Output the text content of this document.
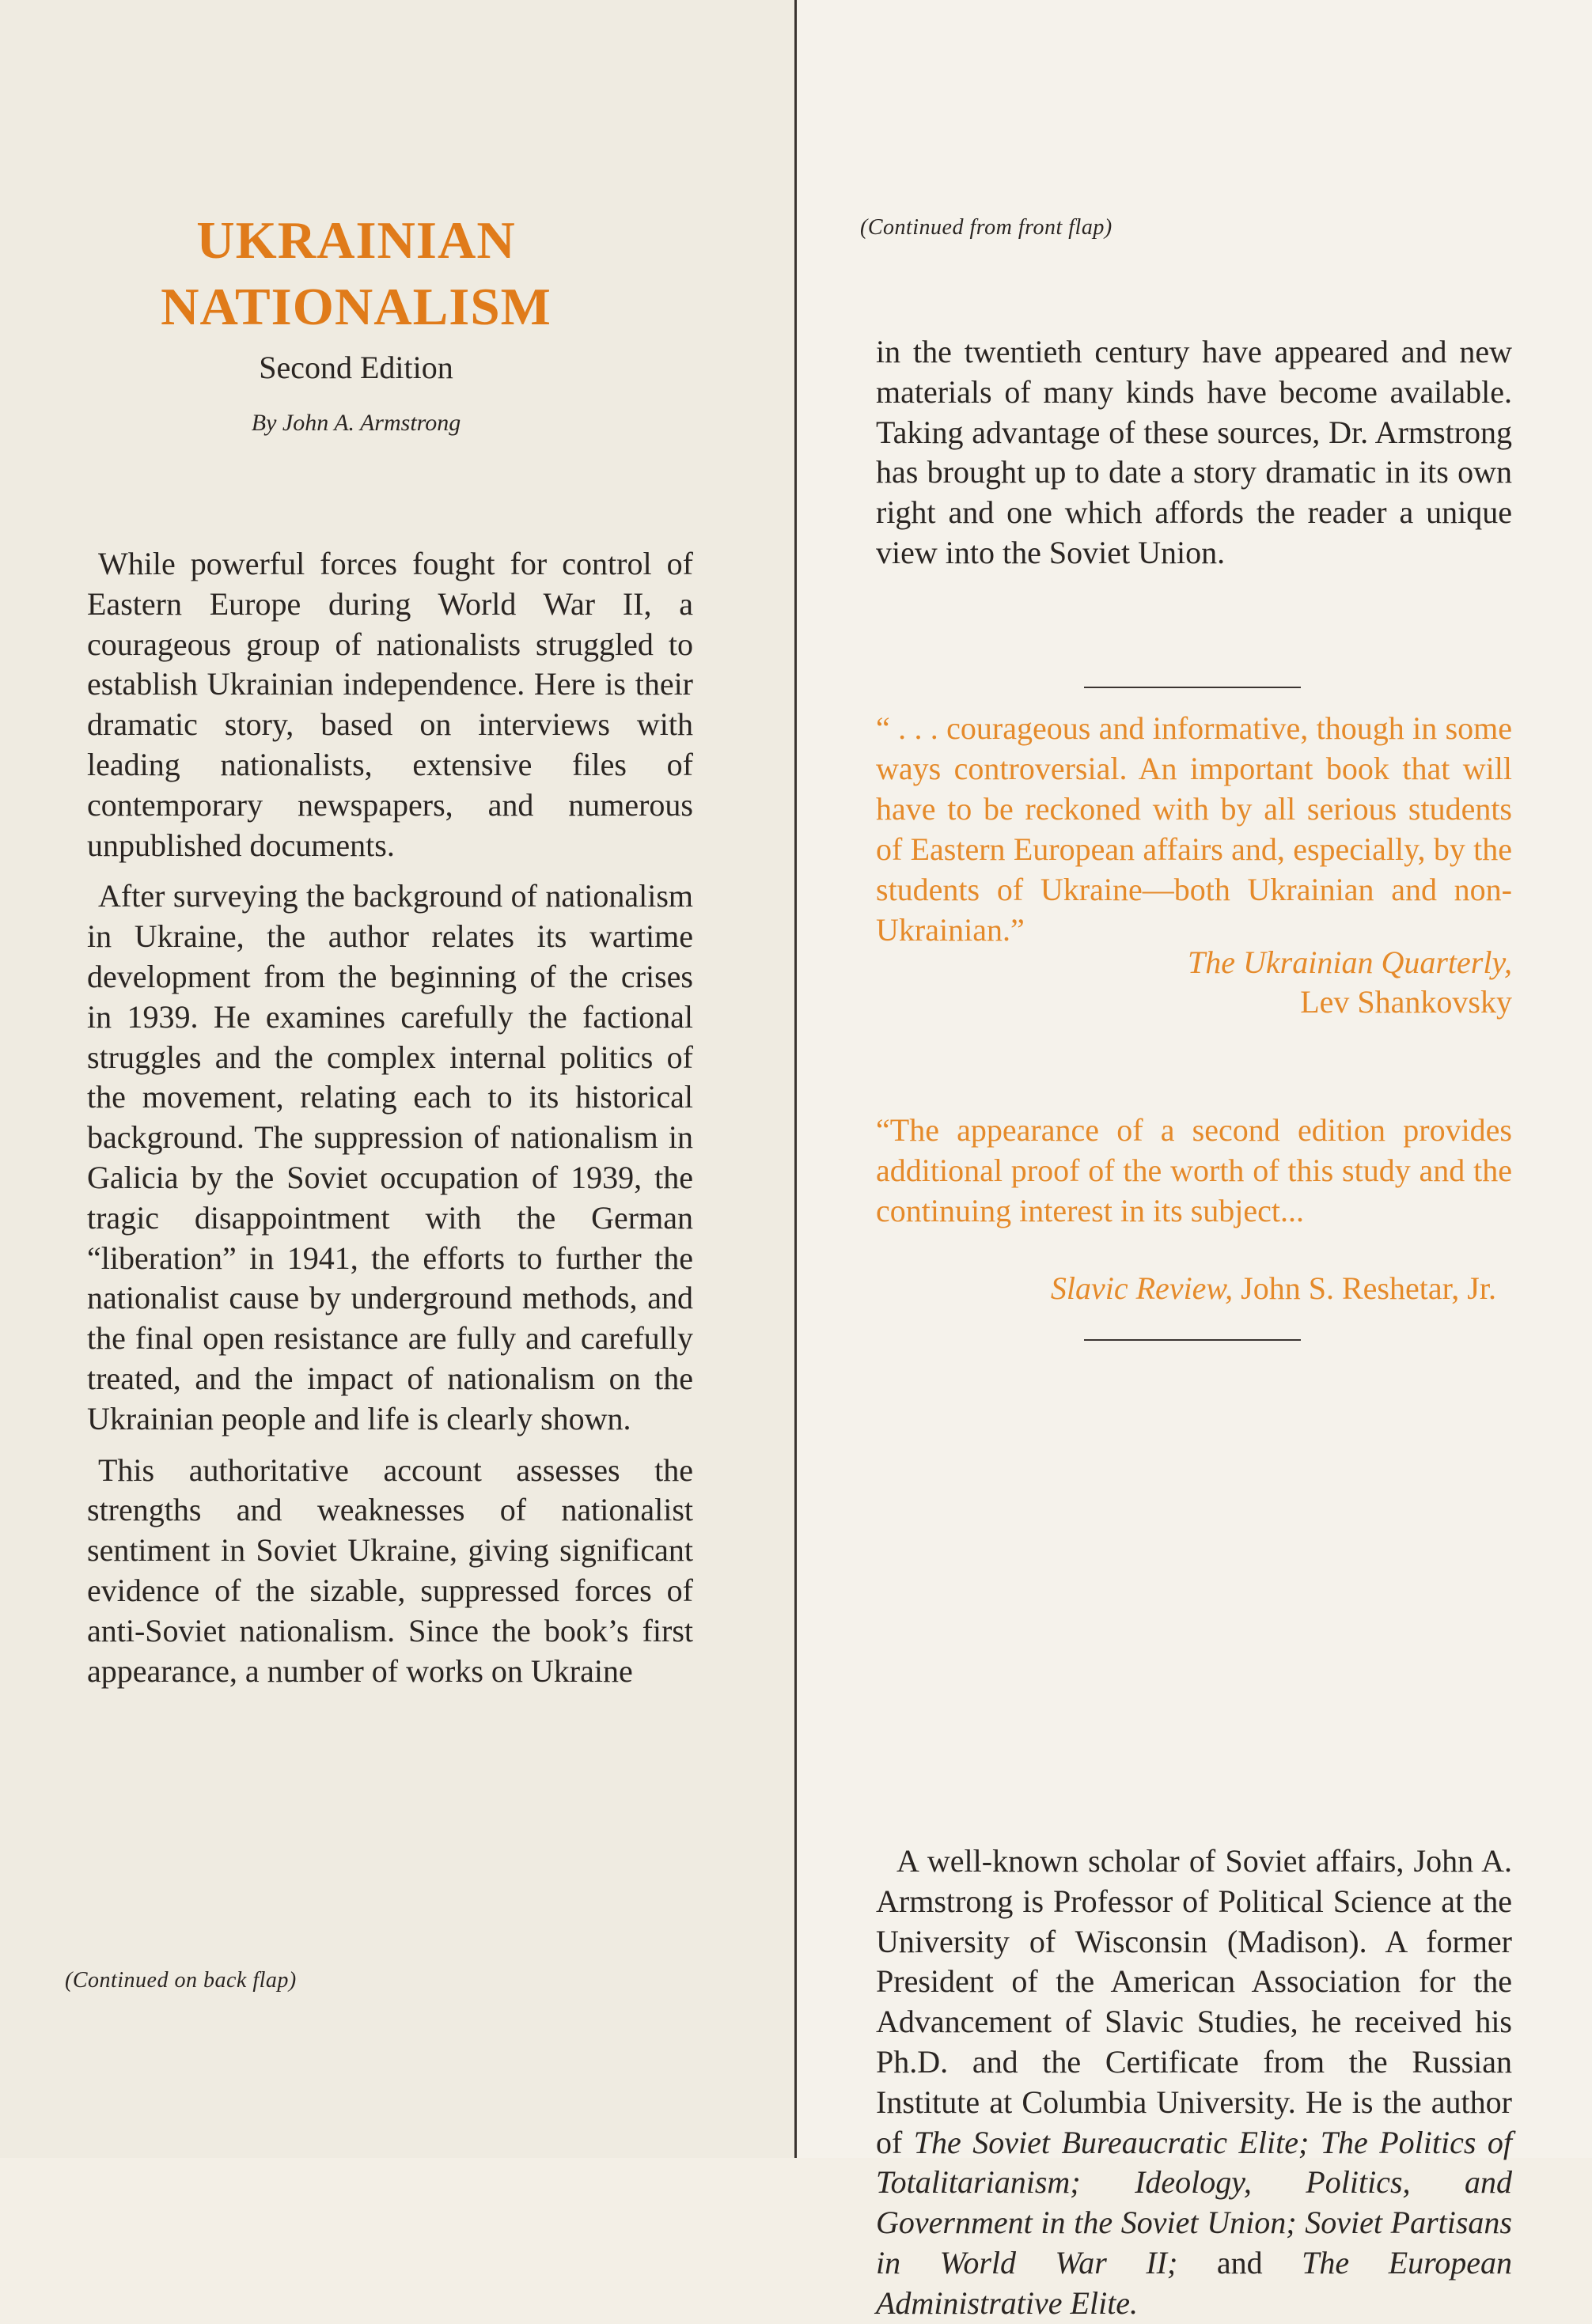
UKRAINIAN
NATIONALISM
Second Edition
By John A. Armstrong

While powerful forces fought for control of Eastern Europe during World War II, a courageous group of nationalists struggled to establish Ukrainian independence. Here is their dramatic story, based on interviews with leading nationalists, extensive files of contemporary newspapers, and numerous unpublished documents.

After surveying the background of nationalism in Ukraine, the author relates its wartime development from the beginning of the crises in 1939. He examines carefully the factional struggles and the complex internal politics of the movement, relating each to its historical background. The suppression of nationalism in Galicia by the Soviet occupation of 1939, the tragic disappointment with the German “liberation” in 1941, the efforts to further the nationalist cause by underground methods, and the final open resistance are fully and carefully treated, and the impact of nationalism on the Ukrainian people and life is clearly shown.

This authoritative account assesses the strengths and weaknesses of nationalist sentiment in Soviet Ukraine, giving significant evidence of the sizable, suppressed forces of anti-Soviet nationalism. Since the book’s first appearance, a number of works on Ukraine

(Continued on back flap)
(Continued from front flap)

in the twentieth century have appeared and new materials of many kinds have become available. Taking advantage of these sources, Dr. Armstrong has brought up to date a story dramatic in its own right and one which affords the reader a unique view into the Soviet Union.

“ . . . courageous and informative, though in some ways controversial. An important book that will have to be reckoned with by all serious students of Eastern European affairs and, especially, by the students of Ukraine—both Ukrainian and non-Ukrainian.”
The Ukrainian Quarterly,
Lev Shankovsky
“The appearance of a second edition provides additional proof of the worth of this study and the continuing interest in its subject...
Slavic Review, John S. Reshetar, Jr.
A well-known scholar of Soviet affairs, John A. Armstrong is Professor of Political Science at the University of Wisconsin (Madison). A former President of the American Association for the Advancement of Slavic Studies, he received his Ph.D. and the Certificate from the Russian Institute at Columbia University. He is the author of The Soviet Bureaucratic Elite; The Politics of Totalitarianism; Ideology, Politics, and Government in the Soviet Union; Soviet Partisans in World War II; and The European Administrative Elite.
